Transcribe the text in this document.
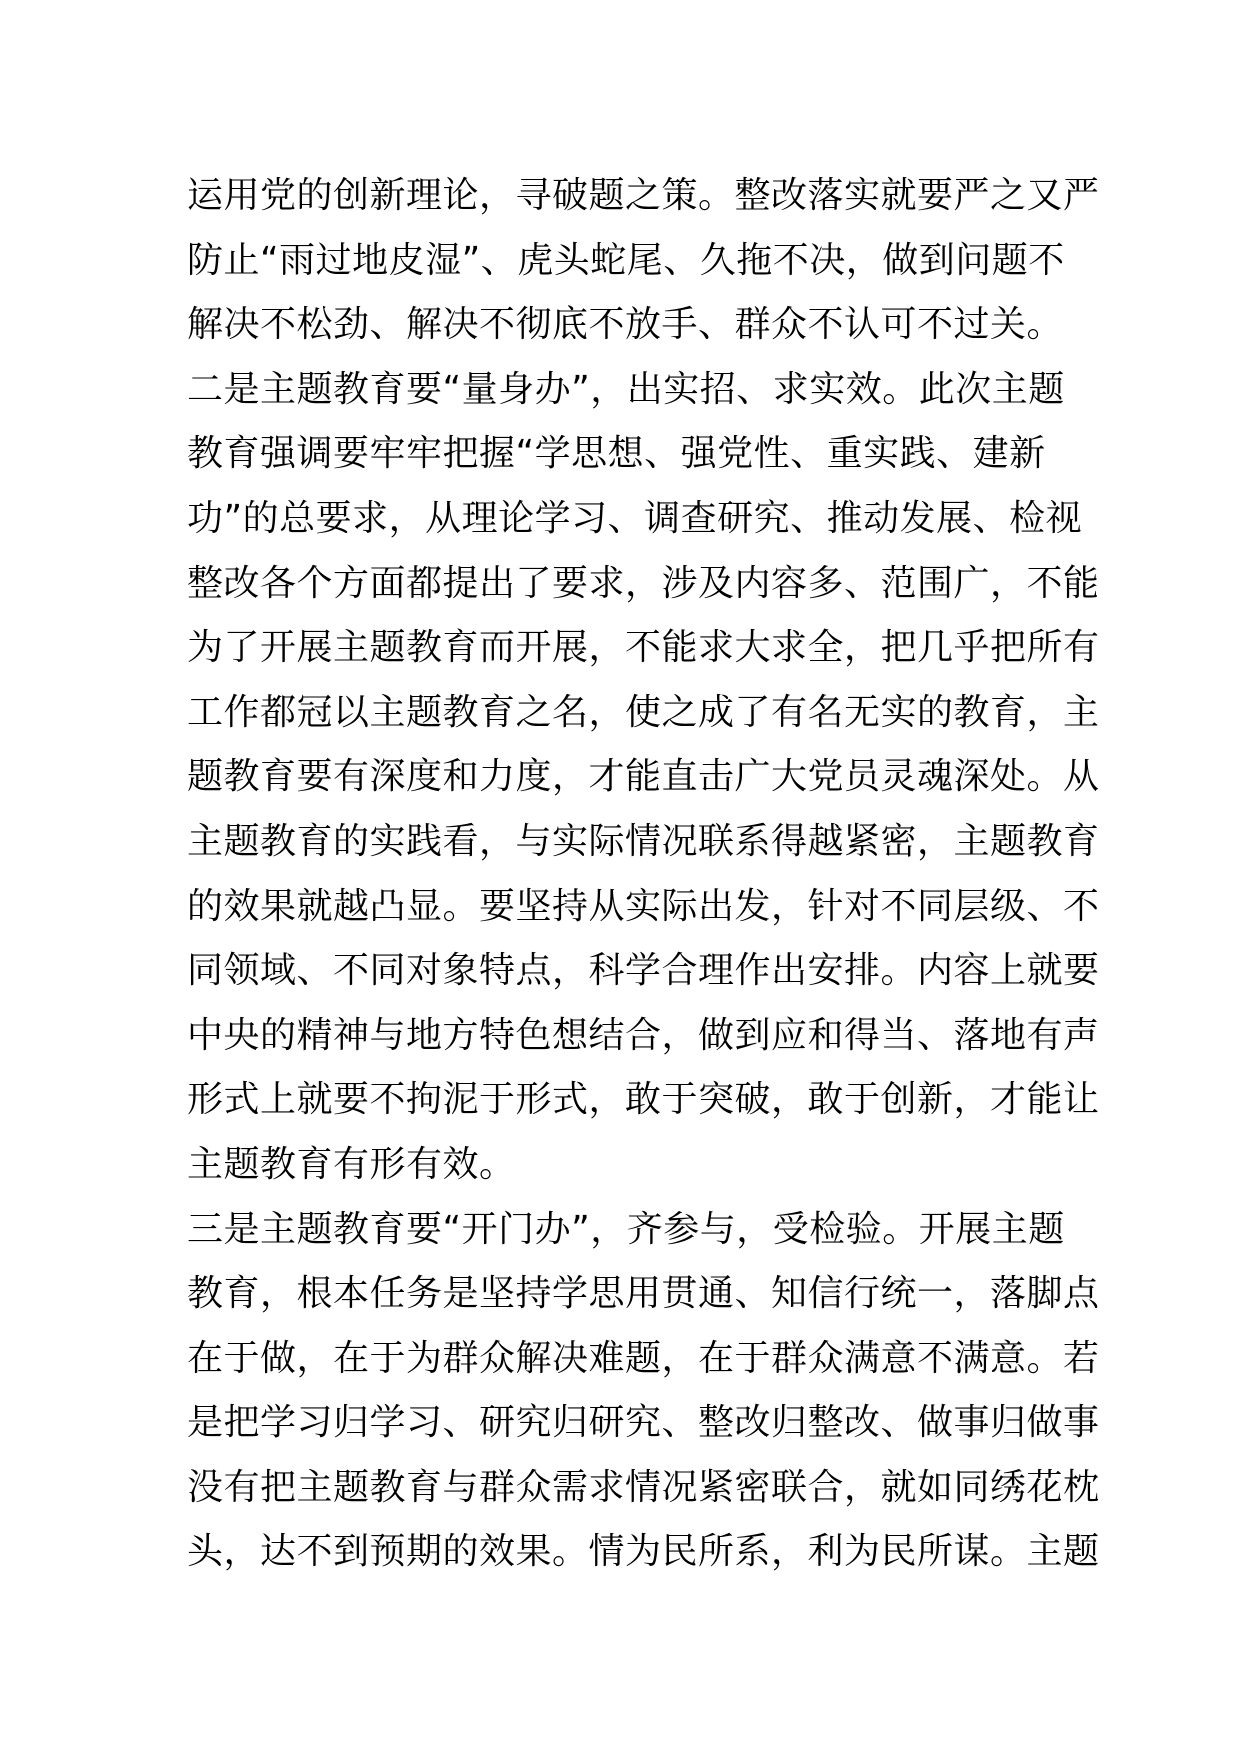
运用党的创新理论，寻破题之策。整改落实就要严之又严
防止“雨过地皮湿”、虎头蛇尾、久拖不决，做到问题不
解决不松劲、解决不彻底不放手、群众不认可不过关。
二是主题教育要“量身办”，出实招、求实效。此次主题
教育强调要牢牢把握“学思想、强党性、重实践、建新
功”的总要求，从理论学习、调查研究、推动发展、检视
整改各个方面都提出了要求，涉及内容多、范围广，不能
为了开展主题教育而开展，不能求大求全，把几乎把所有
工作都冠以主题教育之名，使之成了有名无实的教育，主
题教育要有深度和力度，才能直击广大党员灵魂深处。从
主题教育的实践看，与实际情况联系得越紧密，主题教育
的效果就越凸显。要坚持从实际出发，针对不同层级、不
同领域、不同对象特点，科学合理作出安排。内容上就要
中央的精神与地方特色想结合，做到应和得当、落地有声
形式上就要不拘泥于形式，敢于突破，敢于创新，才能让
主题教育有形有效。
三是主题教育要“开门办”，齐参与，受检验。开展主题
教育，根本任务是坚持学思用贯通、知信行统一，落脚点
在于做，在于为群众解决难题，在于群众满意不满意。若
是把学习归学习、研究归研究、整改归整改、做事归做事
没有把主题教育与群众需求情况紧密联合，就如同绣花枕
头，达不到预期的效果。情为民所系，利为民所谋。主题
